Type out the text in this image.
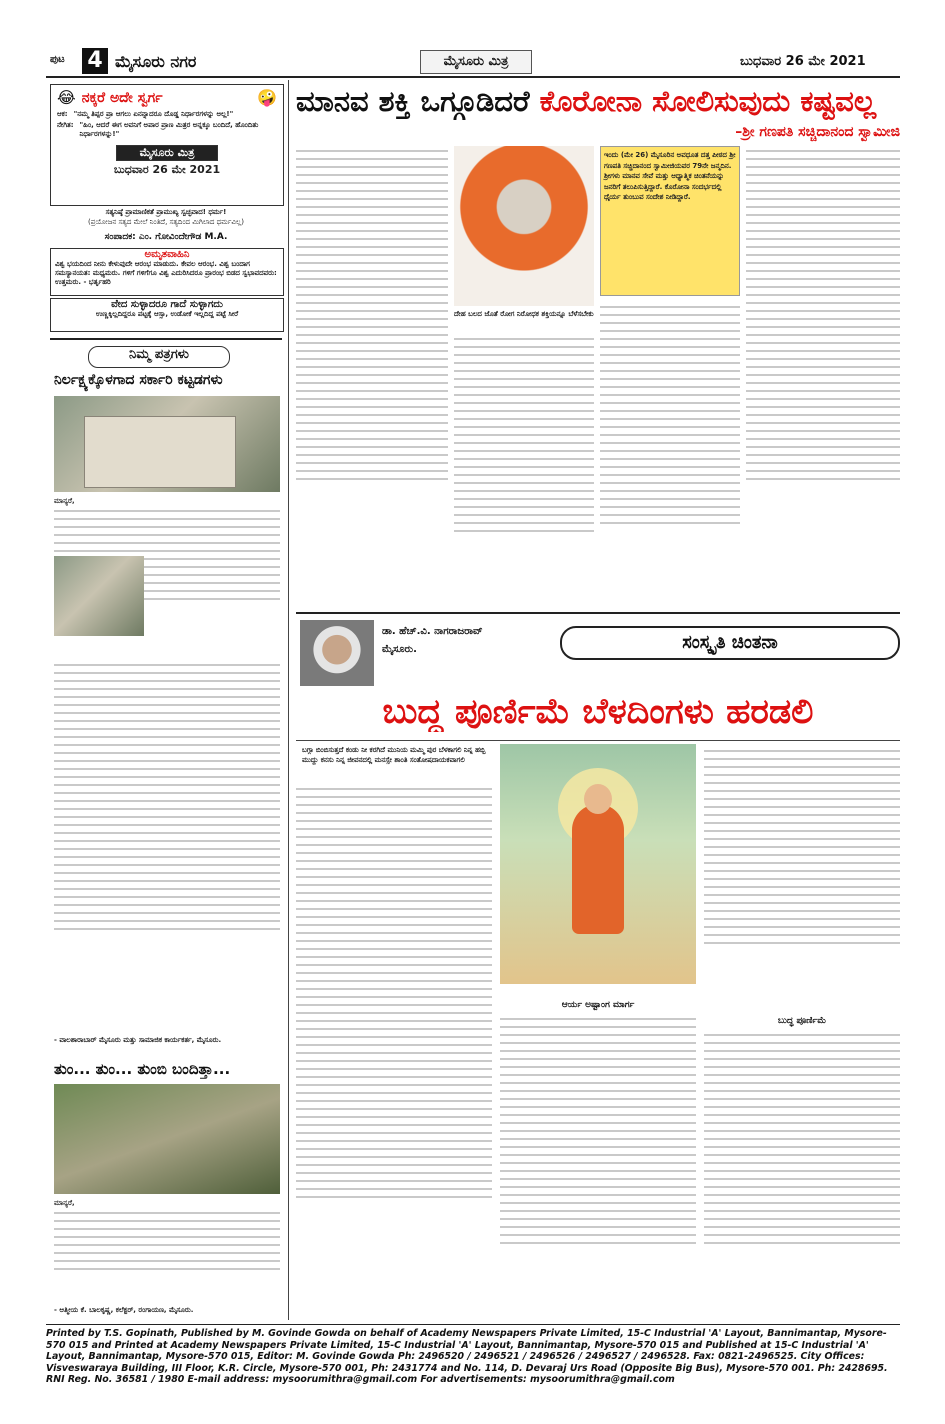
ಪುಟ 4 ಮೈಸೂರು ನಗರ	ಮೈಸೂರು ಮಿತ್ರ	ಬುಧವಾರ 26 ಮೇ 2021
😂 ನಕ್ಕರೆ ಅದೇ ಸ್ವರ್ಗ	🤪
ಆಕ: "ನಮ್ಮ ತಿಪ್ಪರ ಪ್ರಾ ಆಗಲು ಏನನ್ನಾದರೂ ದೊಡ್ಡ ನಿರ್ಧಾರಗಳನ್ನು ಅಲ್ಲ!"
ನೇಗಿತ: "ಹಿಂ, ಆದರೆ ಈಗ ಅವನಿಗೆ ಅಪಾರ ಪ್ರಾಣ ಮಿತ್ರರ ಅನ್ನಕ್ಕೂ ಬಂದಿದೆ, ಹೊಂದಿತು ನಿರ್ಧಾರಗಳನ್ನು!"
ಮೈಸೂರು ಮಿತ್ರ
ಬುಧವಾರ 26 ಮೇ 2021
ಸತ್ಯನಿಷ್ಠೆ ಪ್ರಾಮಾಣಿಕತೆ ಪ್ರಾಮುಖ್ಯ ಸ್ವಚ್ಛವಾದ! ಧರ್ಮ!
(ಪ್ರಯೋಜನ ಸತ್ಯದ ಮೇಲೆ ನಿಂತಿದೆ, ಸತ್ಯದಿಂದ ಮಿಗಿಲಾದ ಧರ್ಮವಿಲ್ಲ)
ಸಂಪಾದಕ: ಎಂ. ಗೋವಿಂದೇಗೌಡ M.A.
ಅಮೃತವಾಹಿನಿ
ವಿಶ್ವ ಭಯದಿಂದ ನೀನು ಕೇಳುವುದೇ ಆರಂಭ ಮಾಡುದು. ಕೇವಲ ಆರಂಭ. ವಿಶ್ವ ಬಂದಾಗ ಸಮಸ್ಯಾನಯತ: ಮಧ್ಯಮರು. ಗಳಿಗೆ ಗಳಿಗೆಗೂ ವಿಶ್ವ ಎದುರಿಸಿದರೂ ಪ್ರಾರಂಭ ಬಿಡದ ಸ್ವಭಾವದವರು: ಉತ್ತಮರು. - ಭರ್ತೃಹರಿ
ವೇದ ಸುಳ್ಳಾದರೂ ಗಾದೆ ಸುಳ್ಳಾಗದು
ಉಣ್ಣಕ್ಕಿಲ್ಲದಿದ್ದರೂ ಪಟ್ಟಕ್ಕೆ ಆಸ್ಸಾ, ಉಡೋಕೆ ಇಲ್ಲದಿದ್ದ ಪಟ್ಟೆ ಸೀರೆ
ನಿಮ್ಮ ಪತ್ರಗಳು
ನಿರ್ಲಕ್ಷ್ಯಕ್ಕೊಳಗಾದ ಸರ್ಕಾರಿ ಕಟ್ಟಡಗಳು
ಮಾನ್ಯರೆ,
- ವಾಲಶಾರಾಬಾರ್ ಮೈಸೂರು ಮತ್ತು ಸಾಮಾಜಿಕ ಕಾರ್ಯಕರ್ತ, ಮೈಸೂರು.
ತುಂ... ತುಂ... ತುಂಬಿ ಬಂದಿತ್ತಾ...
ಮಾನ್ಯರೆ,
- ಆತ್ಮೀಯ ಕೆ. ಬಾಲಕೃಷ್ಣ, ಕಲೆಕ್ಟರ್, ರಂಗಾಯಣ, ಮೈಸೂರು.
ಮಾನವ ಶಕ್ತಿ ಒಗ್ಗೂಡಿದರೆ ಕೊರೋನಾ ಸೋಲಿಸುವುದು ಕಷ್ಟವಲ್ಲ
–ಶ್ರೀ ಗಣಪತಿ ಸಚ್ಚಿದಾನಂದ ಸ್ವಾಮೀಜಿ
ದೇಹ ಬಲದ ಜೊತೆ ರೋಗ ನಿರೋಧಕ ಶಕ್ತಿಯನ್ನೂ ಬೆಳೆಸಬೇಕು
ಇಂದು (ಮೇ 26) ಮೈಸೂರಿನ ಅವಧೂತ ದತ್ತ ಪೀಠದ ಶ್ರೀ ಗಣಪತಿ ಸಚ್ಚಿದಾನಂದ ಸ್ವಾಮೀಜಿಯವರ 79ನೇ ಜನ್ಮದಿನ. ಶ್ರೀಗಳು ಮಾನವ ಸೇವೆ ಮತ್ತು ಆಧ್ಯಾತ್ಮಿಕ ಚಿಂತನೆಯನ್ನು ಜನರಿಗೆ ತಲುಪಿಸುತ್ತಿದ್ದಾರೆ. ಕೊರೋನಾ ಸಂದರ್ಭದಲ್ಲಿ ಧೈರ್ಯ ತುಂಬುವ ಸಂದೇಶ ನೀಡಿದ್ದಾರೆ.
ಡಾ. ಹೆಚ್.ವಿ. ನಾಗರಾಜರಾವ್
ಮೈಸೂರು.	ಸಂಸ್ಕೃತಿ ಚಿಂತನಾ
ಬುದ್ಧ ಪೂರ್ಣಿಮೆ ಬೆಳದಿಂಗಳು ಹರಡಲಿ
ಬಗ್ಗಾ ಬಿಂಬಿಸುತ್ತದೆ ಕಂಡು ನೀ ಕರಗಿದೆ ಮುನಿಯ ಮಮ್ಮಿ ಪುರ ಬೆಳಕಾಗಲಿ ನಿನ್ನ ಹಬ್ಬಿ ಮುದ್ದು ಕನಸು ನಿನ್ನ ಜೀವನದಲ್ಲಿ ಮನಸ್ಸೇ ಶಾಂತಿ ಸಂತೋಷದಾಯಕವಾಗಲಿ
ಆರ್ಯ ಅಷ್ಟಾಂಗ ಮಾರ್ಗ
ಬುದ್ಧ ಪೂರ್ಣಿಮೆ
Printed by T.S. Gopinath, Published by M. Govinde Gowda on behalf of Academy Newspapers Private Limited, 15-C Industrial 'A' Layout, Bannimantap, Mysore-570 015 and Printed at Academy Newspapers Private Limited, 15-C Industrial 'A' Layout, Bannimantap, Mysore-570 015 and Published at 15-C Industrial 'A' Layout, Bannimantap, Mysore-570 015, Editor: M. Govinde Gowda Ph: 2496520 / 2496521 / 2496526 / 2496527 / 2496528. Fax: 0821-2496525. City Offices: Visveswaraya Building, III Floor, K.R. Circle, Mysore-570 001, Ph: 2431774 and No. 114, D. Devaraj Urs Road (Opposite Big Bus), Mysore-570 001. Ph: 2428695. RNI Reg. No. 36581 / 1980 E-mail address: mysoorumithra@gmail.com For advertisements: mysoorumithra@gmail.com
